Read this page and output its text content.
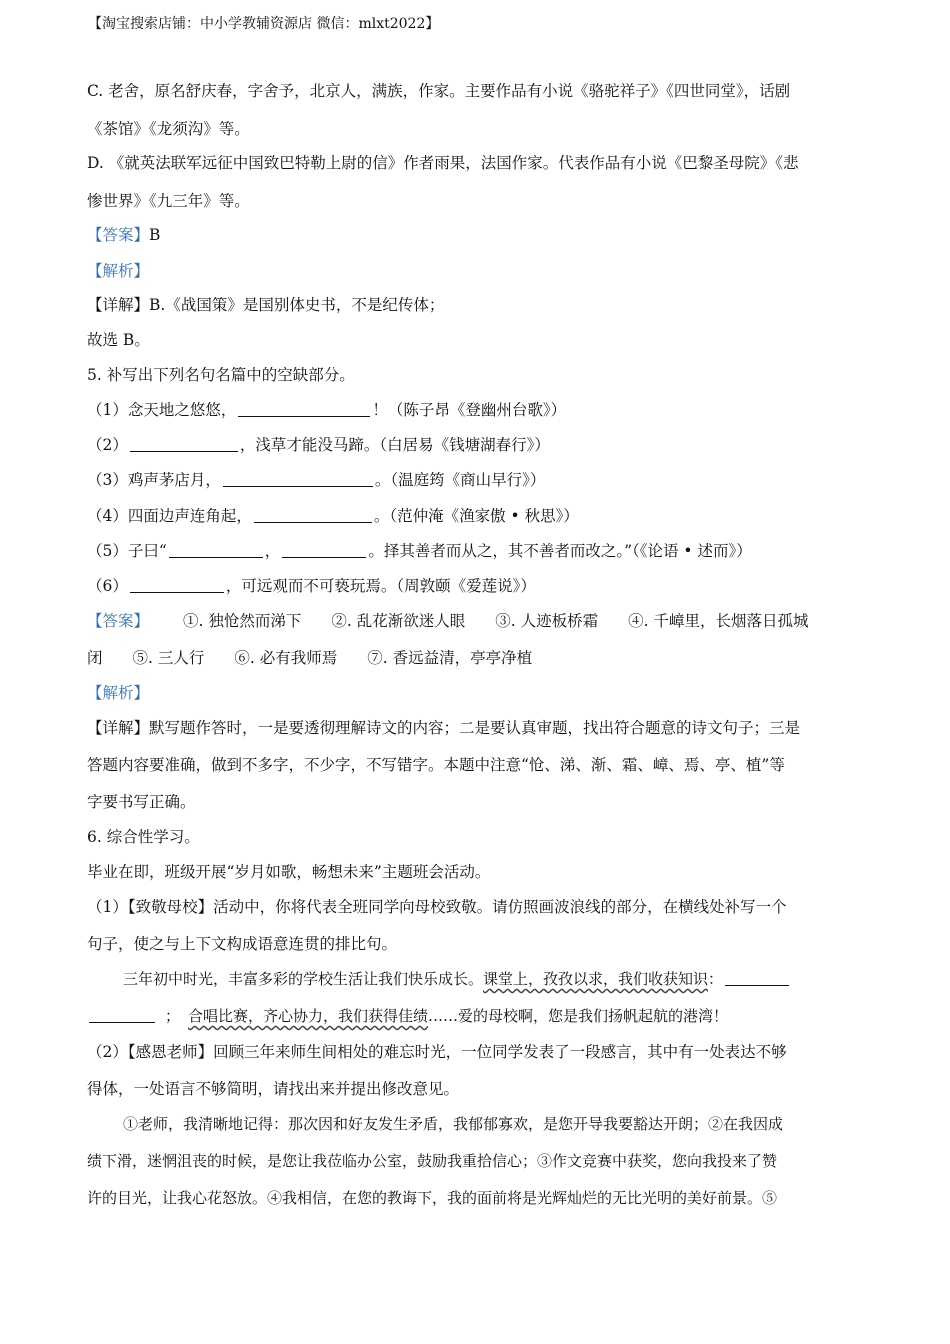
【淘宝搜索店铺：中小学教辅资源店 微信：mlxt2022】
C. 老舍，原名舒庆春，字舍予，北京人，满族，作家。主要作品有小说《骆驼祥子》《四世同堂》，话剧
《茶馆》《龙须沟》等。
D. 《就英法联军远征中国致巴特勒上尉的信》作者雨果，法国作家。代表作品有小说《巴黎圣母院》《悲
惨世界》《九三年》等。
【答案】B
【解析】
【详解】B.《战国策》是国别体史书，不是纪传体；
故选 B。
5. 补写出下列名句名篇中的空缺部分。
（1）念天地之悠悠，	！（陈子昂《登幽州台歌》）
（2）	，浅草才能没马蹄。（白居易《钱塘湖春行》）
（3）鸡声茅店月，	。（温庭筠《商山早行》）
（4）四面边声连角起，	。（范仲淹《渔家傲 • 秋思》）
（5）子曰“	，	。择其善者而从之，其不善者而改之。”（《论语 • 述而》）
（6）	，可远观而不可亵玩焉。（周敦颐《爱莲说》）
【答案】 ①. 独怆然而涕下 ②. 乱花渐欲迷人眼 ③. 人迹板桥霜 ④. 千嶂里，长烟落日孤城
闭 ⑤. 三人行 ⑥. 必有我师焉 ⑦. 香远益清，亭亭净植
【解析】
【详解】默写题作答时，一是要透彻理解诗文的内容；二是要认真审题，找出符合题意的诗文句子；三是
答题内容要准确，做到不多字，不少字，不写错字。本题中注意“怆、涕、渐、霜、嶂、焉、亭、植”等
字要书写正确。
6. 综合性学习。
毕业在即，班级开展“岁月如歌，畅想未来”主题班会活动。
（1）【致敬母校】活动中，你将代表全班同学向母校致敬。请仿照画波浪线的部分，在横线处补写一个
句子，使之与上下文构成语意连贯的排比句。
三年初中时光，丰富多彩的学校生活让我们快乐成长。课堂上，孜孜以求，我们收获知识：
； 合唱比赛，齐心协力，我们获得佳绩……爱的母校啊，您是我们扬帆起航的港湾！
（2）【感恩老师】回顾三年来师生间相处的难忘时光，一位同学发表了一段感言，其中有一处表达不够
得体，一处语言不够简明，请找出来并提出修改意见。
①老师，我清晰地记得：那次因和好友发生矛盾，我郁郁寡欢，是您开导我要豁达开朗；②在我因成
绩下滑，迷惘沮丧的时候，是您让我莅临办公室，鼓励我重拾信心；③作文竞赛中获奖，您向我投来了赞
许的目光，让我心花怒放。④我相信，在您的教诲下，我的面前将是光辉灿烂的无比光明的美好前景。⑤
